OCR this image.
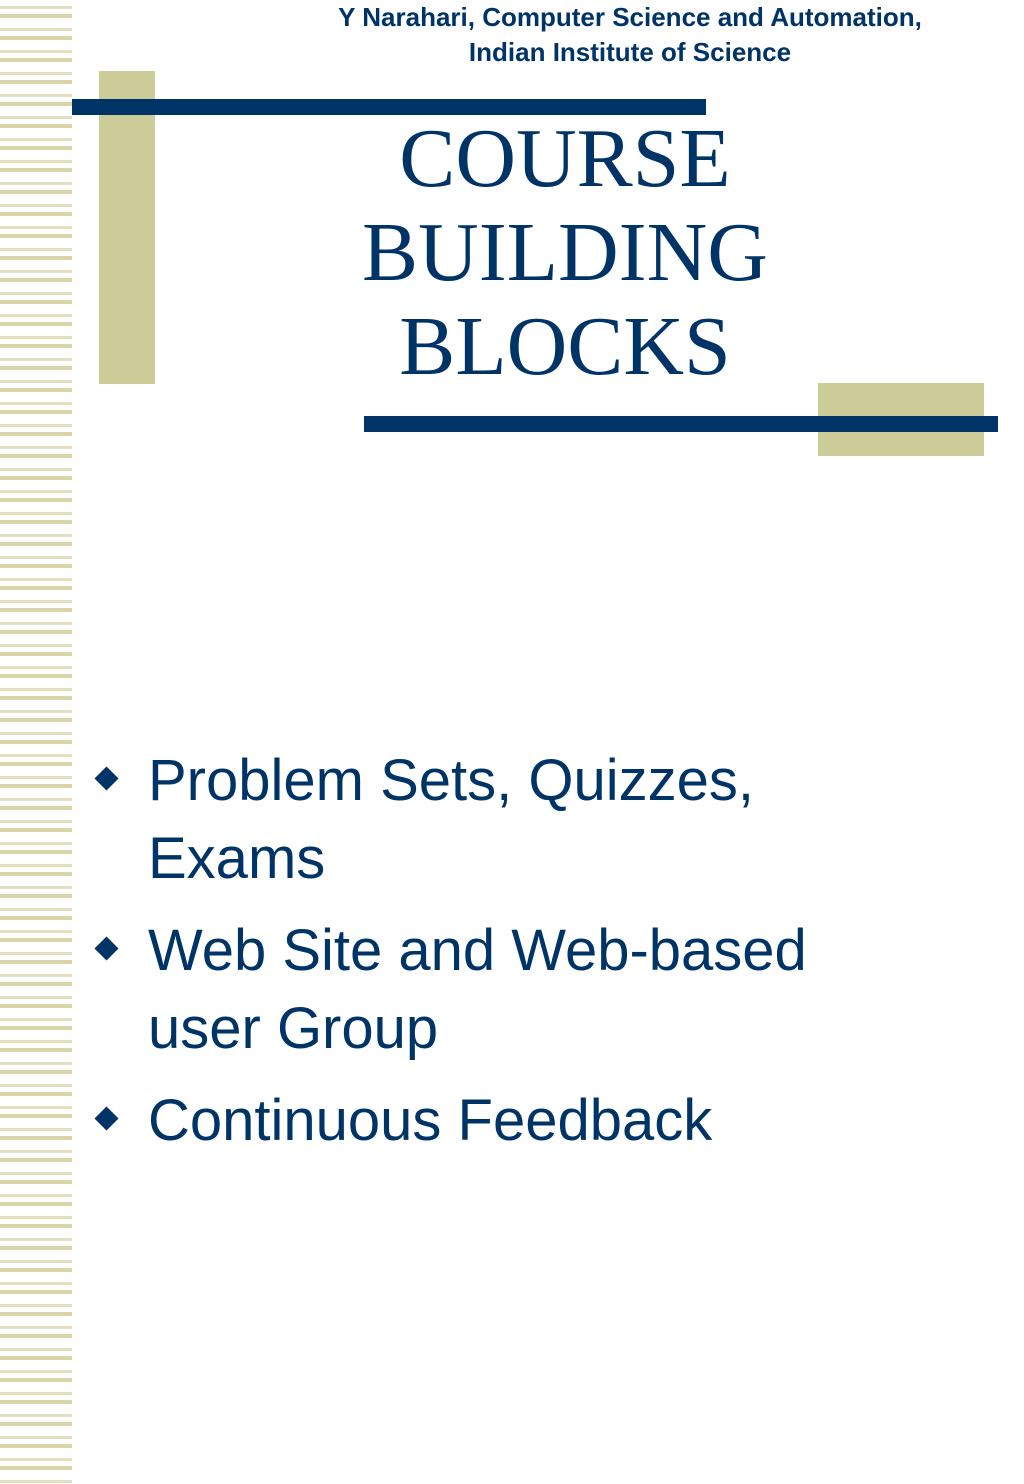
Y Narahari, Computer Science and Automation,
Indian Institute of Science
COURSE
BUILDING
BLOCKS
Problem Sets, Quizzes,
Exams
Web Site and Web-based
user Group
Continuous Feedback
